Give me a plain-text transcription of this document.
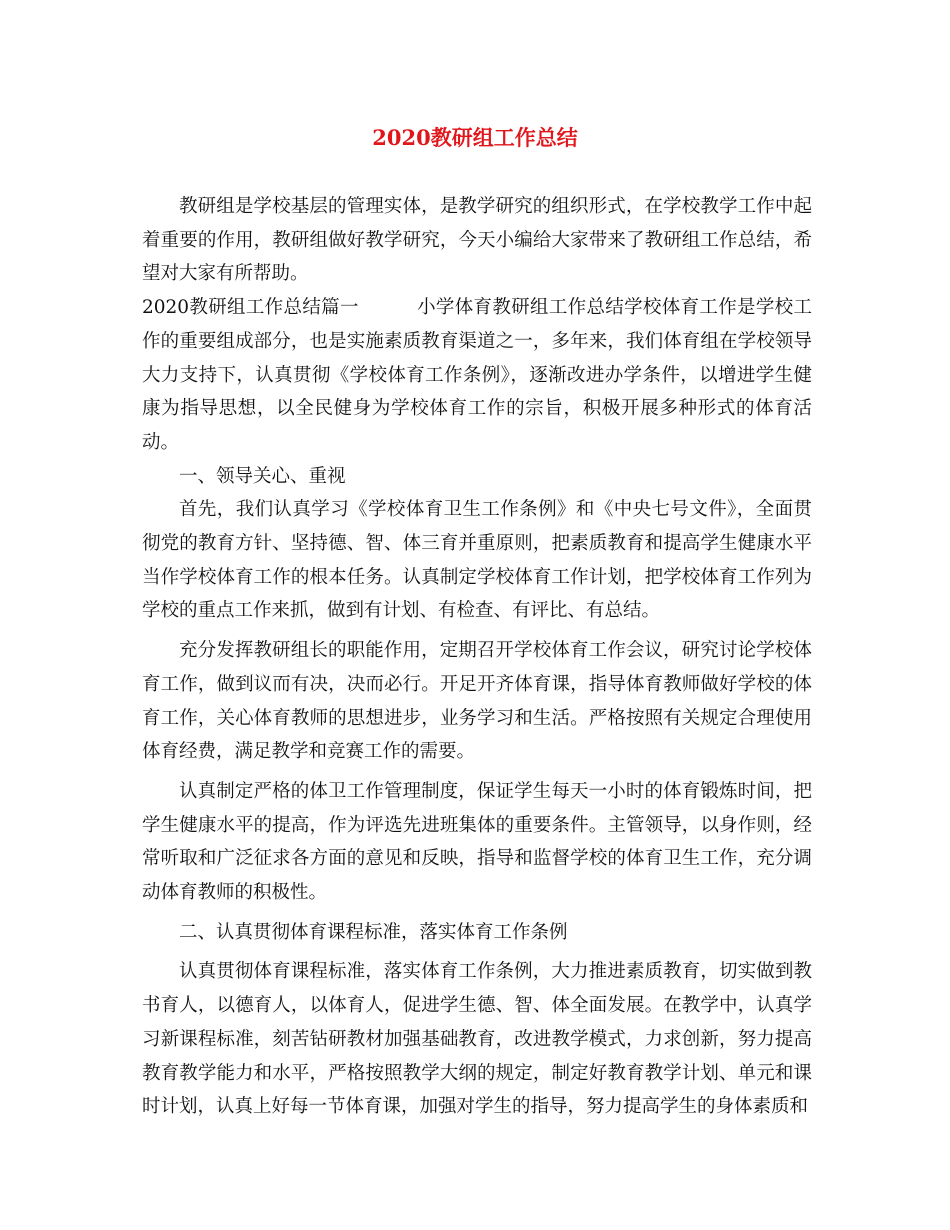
2020教研组工作总结

教研组是学校基层的管理实体，是教学研究的组织形式，在学校教学工作中起着重要的作用，教研组做好教学研究，今天小编给大家带来了教研组工作总结，希望对大家有所帮助。

2020教研组工作总结篇一	小学体育教研组工作总结学校体育工作是学校工作的重要组成部分，也是实施素质教育渠道之一，多年来，我们体育组在学校领导大力支持下，认真贯彻《学校体育工作条例》，逐渐改进办学条件，以增进学生健康为指导思想，以全民健身为学校体育工作的宗旨，积极开展多种形式的体育活动。

一、领导关心、重视

首先，我们认真学习《学校体育卫生工作条例》和《中央七号文件》，全面贯彻党的教育方针、坚持德、智、体三育并重原则，把素质教育和提高学生健康水平当作学校体育工作的根本任务。认真制定学校体育工作计划，把学校体育工作列为学校的重点工作来抓，做到有计划、有检查、有评比、有总结。

充分发挥教研组长的职能作用，定期召开学校体育工作会议，研究讨论学校体育工作，做到议而有决，决而必行。开足开齐体育课，指导体育教师做好学校的体育工作，关心体育教师的思想进步，业务学习和生活。严格按照有关规定合理使用体育经费，满足教学和竞赛工作的需要。

认真制定严格的体卫工作管理制度，保证学生每天一小时的体育锻炼时间，把学生健康水平的提高，作为评选先进班集体的重要条件。主管领导，以身作则，经常听取和广泛征求各方面的意见和反映，指导和监督学校的体育卫生工作，充分调动体育教师的积极性。

二、认真贯彻体育课程标准，落实体育工作条例

认真贯彻体育课程标准，落实体育工作条例，大力推进素质教育，切实做到教书育人，以德育人，以体育人，促进学生德、智、体全面发展。在教学中，认真学习新课程标准，刻苦钻研教材加强基础教育，改进教学模式，力求创新，努力提高教育教学能力和水平，严格按照教学大纲的规定，制定好教育教学计划、单元和课时计划，认真上好每一节体育课，加强对学生的指导，努力提高学生的身体素质和
